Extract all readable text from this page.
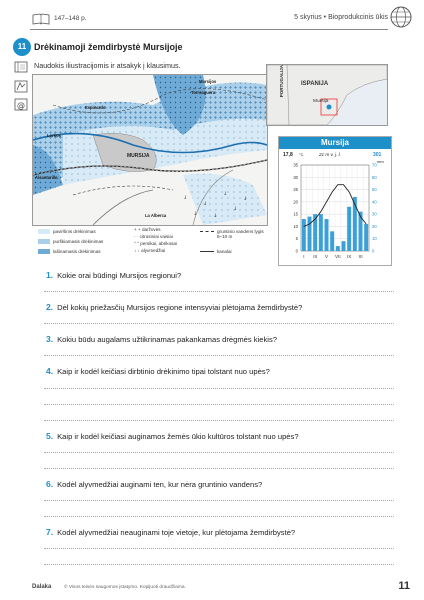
147–148 p.	5 skyrius • Bioprodukcinis ūkis
11 Drėkinamoji žemdirbystė Mursijoje
Naudokis iliustracijomis ir atsakyk į klausimus.
@
↓
↓
↓
↓
↓
↓
↓
Mursijos
Torreaguera
Espinardo
Lorkos
MURSIJA
Alcantarilla
La Alberca
PORTUGALIJA	ISPANIJA
Mursija
Mursija
17,8 °C	21 m v. j. l.	301
mm
35
30
25
20
15
10
5
0
70
60
50
40
30
20
10
0
I III V VII IX XI
paviršinis drėkinimas
purškiamasis drėkinimas
lašinamasis drėkinimas
+ + daržovės
· · citrusiniai vaisiai
° ° persikai, abrikosai
↓ ↓ alyvmedžiai
gruntinio vandens lygis 5–10 m
kanalai
1. Kokie orai būdingi Mursijos regionui?
2. Dėl kokių priežasčių Mursijos regione intensyviai plėtojama žemdirbystė?
3. Kokiu būdu augalams užtikrinamas pakankamas drėgmės kiekis?
4. Kaip ir kodėl keičiasi dirbtinio drėkinimo tipai tolstant nuo upės?
5. Kaip ir kodėl keičiasi auginamos žemės ūkio kultūros tolstant nuo upės?
6. Kodėl alyvmedžiai auginami ten, kur nėra gruntinio vandens?
7. Kodėl alyvmedžiai neauginami toje vietoje, kur plėtojama žemdirbystė?
Dalaka	© Visos teisės saugomos įstatymo. Kopijuoti draudžiama.	11
